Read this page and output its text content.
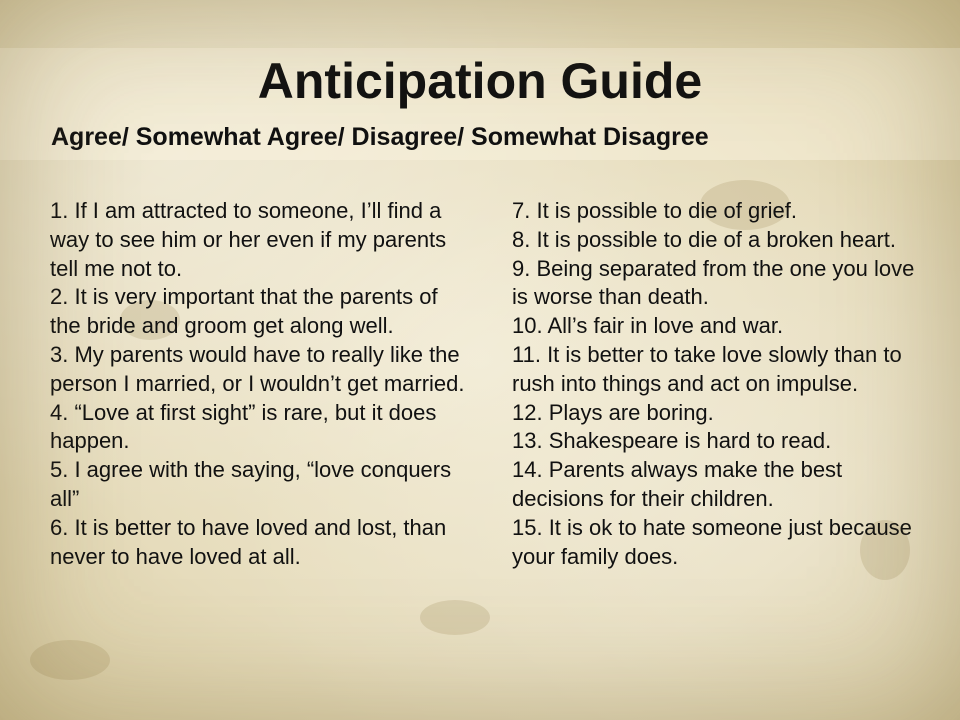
Anticipation Guide
Agree/ Somewhat Agree/ Disagree/ Somewhat Disagree
1. If I am attracted to someone, I’ll find a way to see him or her even if my parents tell me not to.
2. It is very important that the parents of the bride and groom get along well.
3. My parents would have to really like the person I married, or I wouldn’t get married.
4. “Love at first sight” is rare, but it does happen.
5. I agree with the saying, “love conquers all”
6. It is better to have loved and lost, than never to have loved at all.
7. It is possible to die of grief.
8. It is possible to die of a broken heart.
9. Being separated from the one you love is worse than death.
10. All’s fair in love and war.
11. It is better to take love slowly than to rush into things and act on impulse.
12. Plays are boring.
13. Shakespeare is hard to read.
14. Parents always make the best decisions for their children.
15. It is ok to hate someone just because your family does.
